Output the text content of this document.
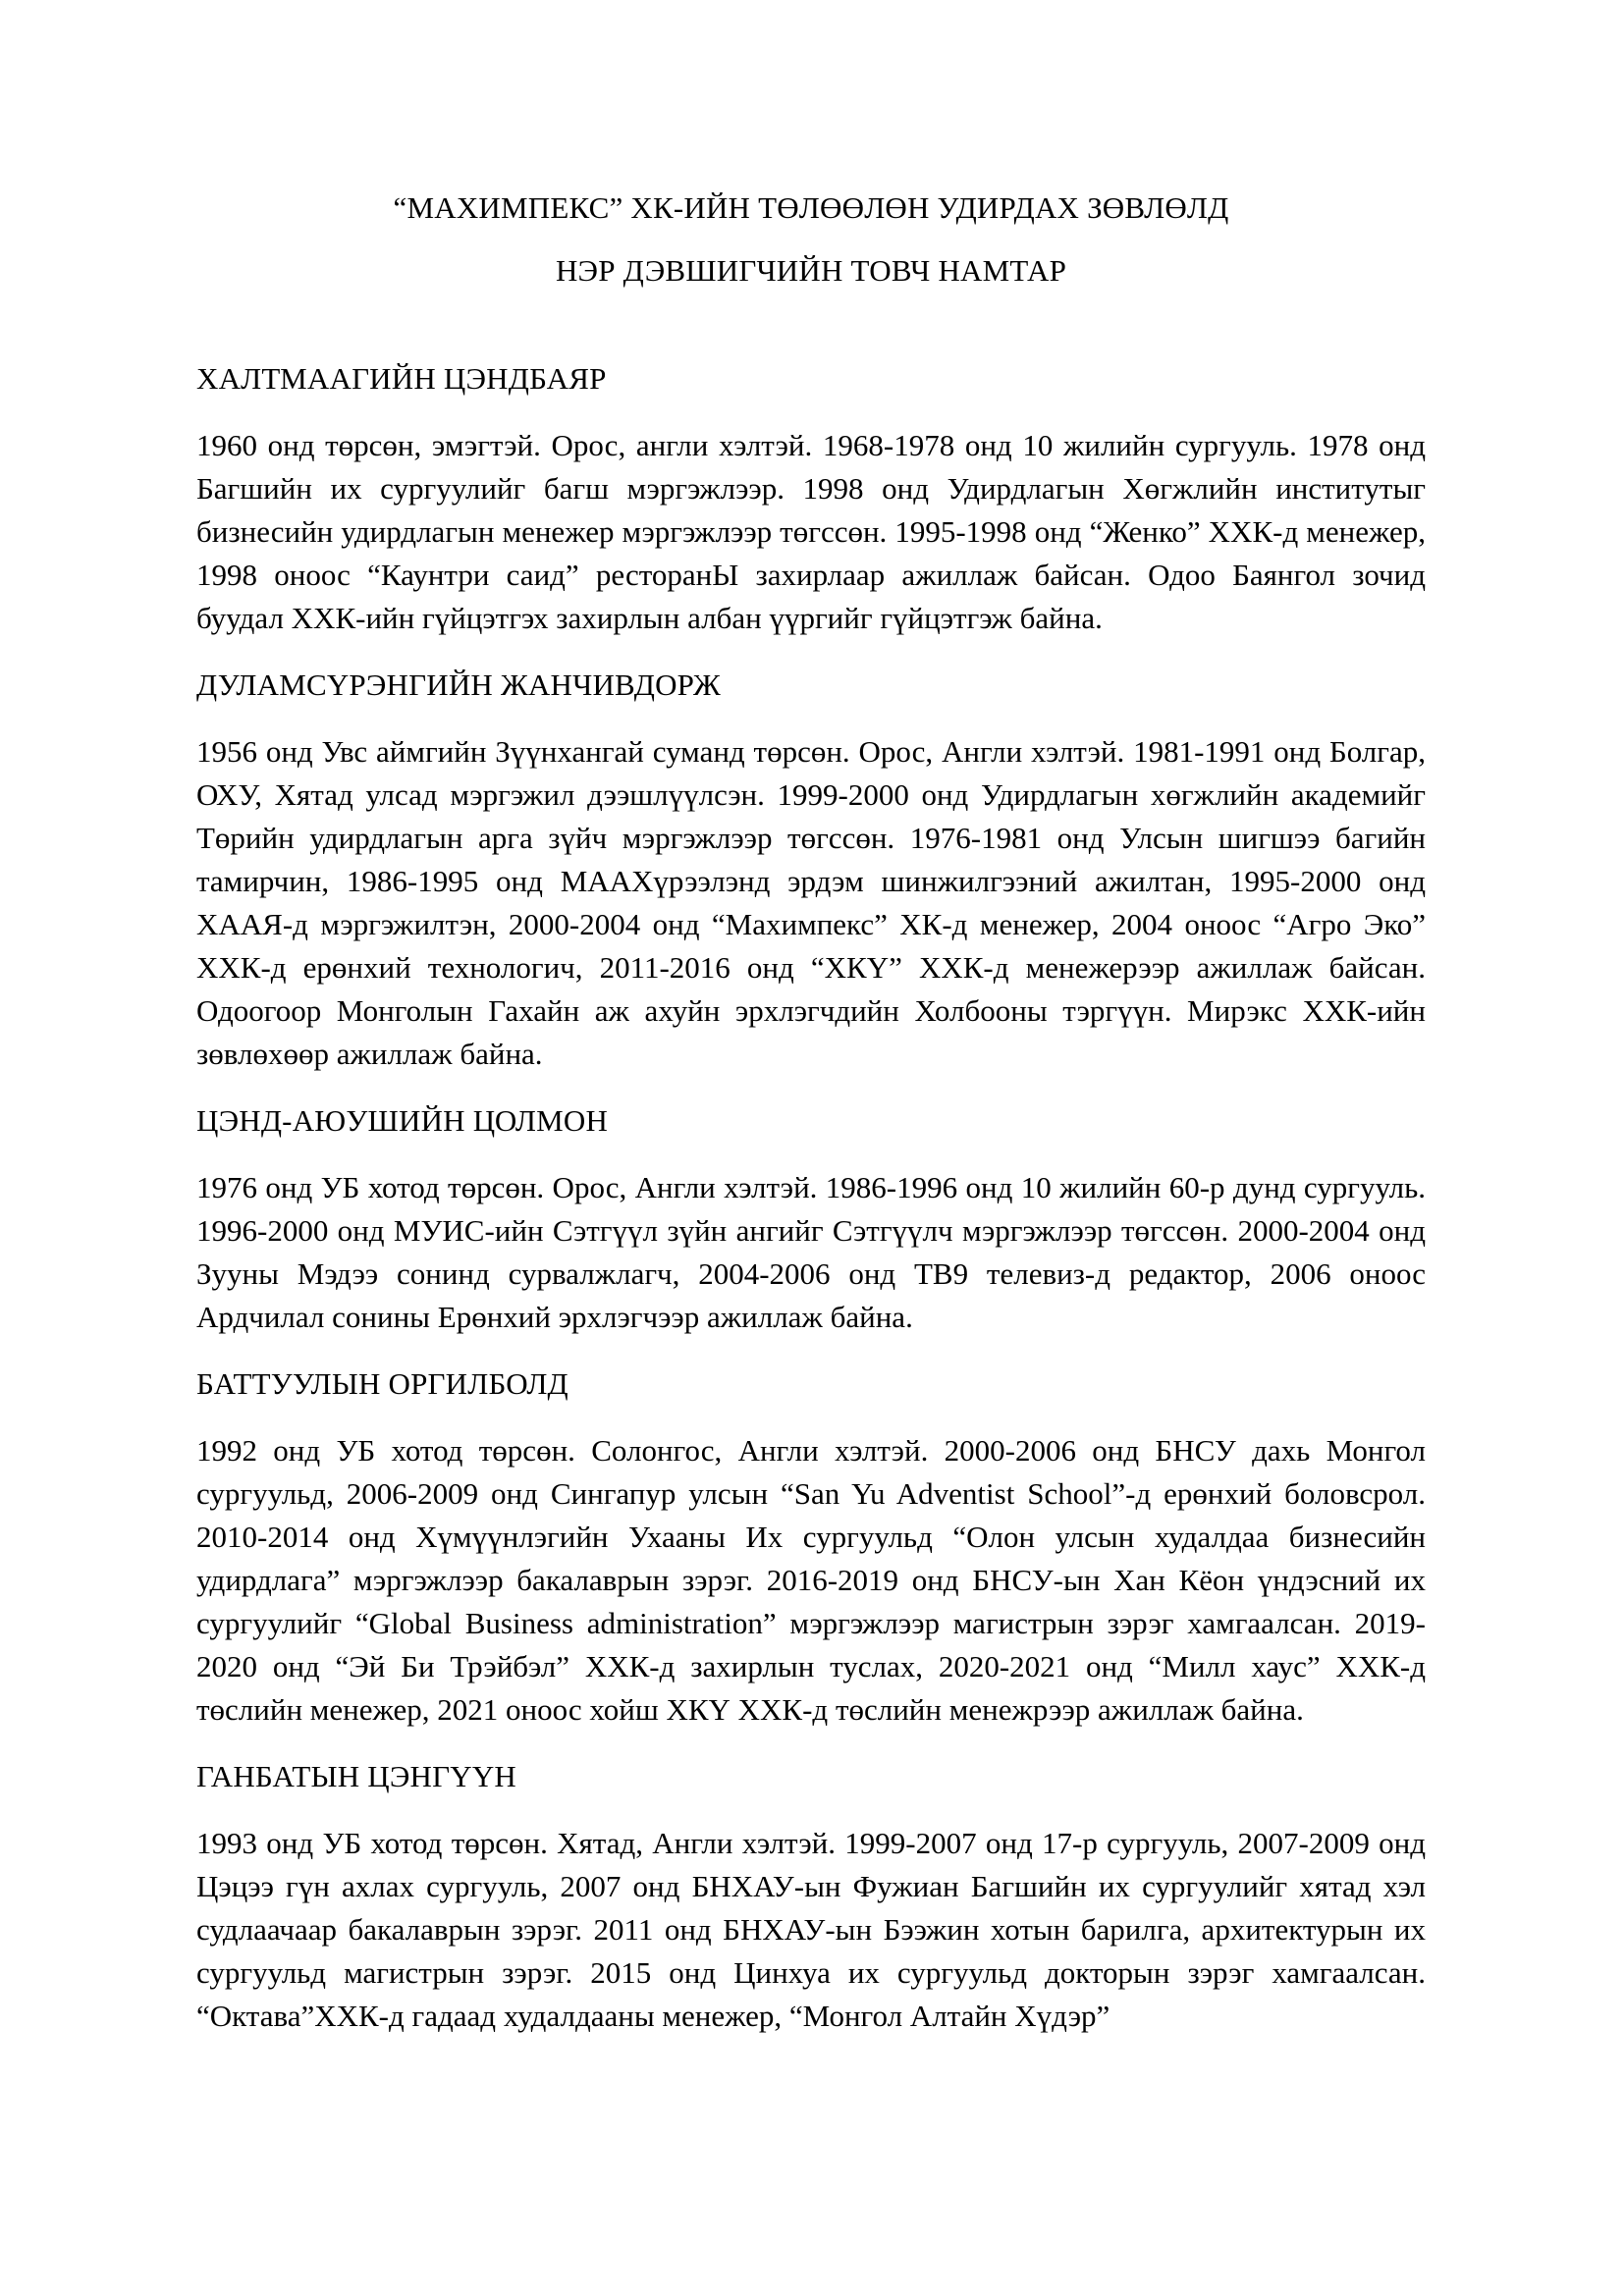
“МАХИМПЕКС” ХК-ИЙН ТӨЛӨӨЛӨН УДИРДАХ ЗӨВЛӨЛД

НЭР ДЭВШИГЧИЙН ТОВЧ НАМТАР

ХАЛТМААГИЙН ЦЭНДБАЯР

1960 онд төрсөн, эмэгтэй. Орос, англи хэлтэй. 1968-1978 онд 10 жилийн сургууль. 1978 онд Багшийн их сургуулийг багш мэргэжлээр. 1998 онд Удирдлагын Хөгжлийн институтыг бизнесийн удирдлагын менежер мэргэжлээр төгссөн. 1995-1998 онд “Женко” ХХК-д менежер, 1998 оноос “Каунтри саид” ресторанЫ захирлаар ажиллаж байсан. Одоо Баянгол зочид буудал ХХК-ийн гүйцэтгэх захирлын албан үүргийг гүйцэтгэж байна.

ДУЛАМСҮРЭНГИЙН ЖАНЧИВДОРЖ

1956 онд Увс аймгийн Зүүнхангай суманд төрсөн. Орос, Англи хэлтэй. 1981-1991 онд Болгар, ОХУ, Хятад улсад мэргэжил дээшлүүлсэн. 1999-2000 онд Удирдлагын хөгжлийн академийг Төрийн удирдлагын арга зүйч мэргэжлээр төгссөн. 1976-1981 онд Улсын шигшээ багийн тамирчин, 1986-1995 онд МААХүрээлэнд эрдэм шинжилгээний ажилтан, 1995-2000 онд ХААЯ-д мэргэжилтэн, 2000-2004 онд “Махимпекс” ХК-д менежер, 2004 оноос “Агро Эко” ХХК-д ерөнхий технологич, 2011-2016 онд “ХКҮ” ХХК-д менежерээр ажиллаж байсан. Одоогоор Монголын Гахайн аж ахуйн эрхлэгчдийн Холбооны тэргүүн. Мирэкс ХХК-ийн зөвлөхөөр ажиллаж байна.

ЦЭНД-АЮУШИЙН ЦОЛМОН

1976 онд УБ хотод төрсөн. Орос, Англи хэлтэй. 1986-1996 онд 10 жилийн 60-р дунд сургууль. 1996-2000 онд МУИС-ийн Сэтгүүл зүйн ангийг Сэтгүүлч мэргэжлээр төгссөн. 2000-2004 онд Зууны Мэдээ сонинд сурвалжлагч, 2004-2006 онд ТВ9 телевиз-д редактор, 2006 оноос Ардчилал сонины Ерөнхий эрхлэгчээр ажиллаж байна.

БАТТУУЛЫН ОРГИЛБОЛД

1992 онд УБ хотод төрсөн. Солонгос, Англи хэлтэй. 2000-2006 онд БНСУ дахь Монгол сургуульд, 2006-2009 онд Сингапур улсын “San Yu Adventist School”-д ерөнхий боловсрол. 2010-2014 онд Хүмүүнлэгийн Ухааны Их сургуульд “Олон улсын худалдаа бизнесийн удирдлага” мэргэжлээр бакалаврын зэрэг. 2016-2019 онд БНСУ-ын Хан Кёон үндэсний их сургуулийг “Global Business administration” мэргэжлээр магистрын зэрэг хамгаалсан. 2019-2020 онд “Эй Би Трэйбэл” ХХК-д захирлын туслах, 2020-2021 онд “Милл хаус” ХХК-д төслийн менежер, 2021 оноос хойш ХКҮ ХХК-д төслийн менежрээр ажиллаж байна.

ГАНБАТЫН ЦЭНГҮҮН

1993 онд УБ хотод төрсөн. Хятад, Англи хэлтэй. 1999-2007 онд 17-р сургууль, 2007-2009 онд Цэцээ гүн ахлах сургууль, 2007 онд БНХАУ-ын Фужиан Багшийн их сургуулийг хятад хэл судлаачаар бакалаврын зэрэг. 2011 онд БНХАУ-ын Бээжин хотын барилга, архитектурын их сургуульд магистрын зэрэг. 2015 онд Цинхуа их сургуульд докторын зэрэг хамгаалсан. “Октава”ХХК-д гадаад худалдааны менежер, “Монгол Алтайн Хүдэр”
